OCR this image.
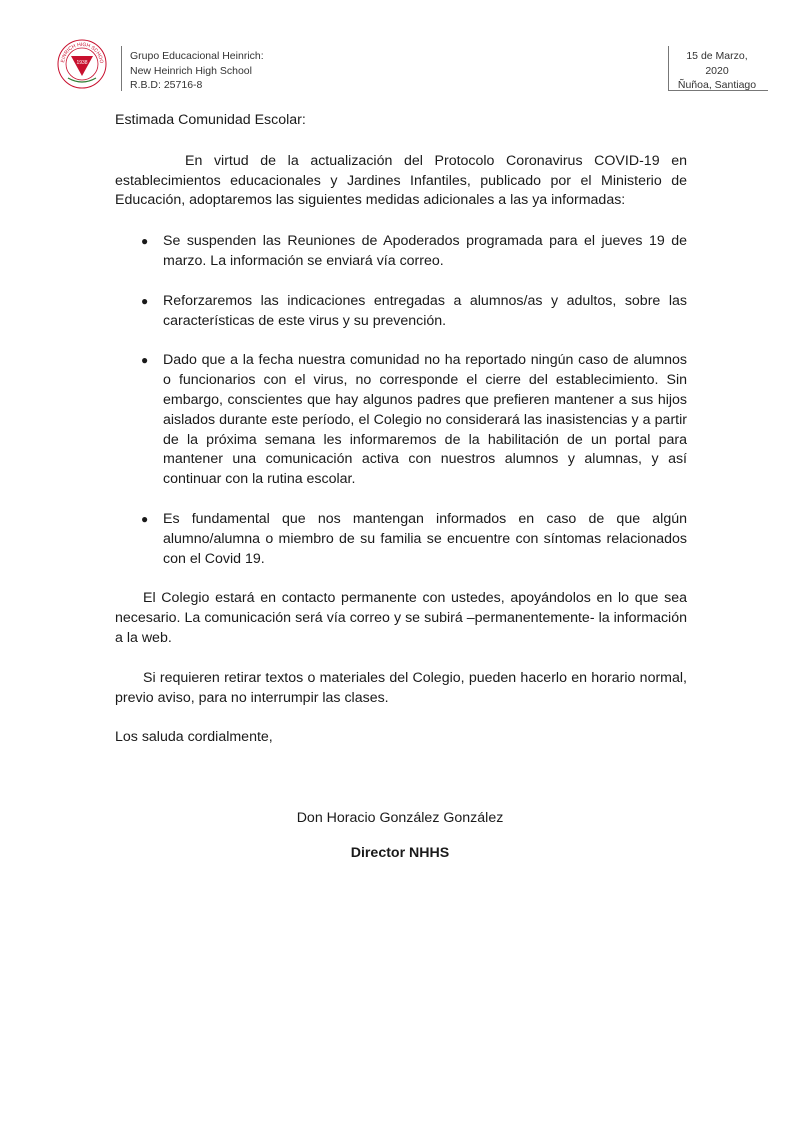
EINRICH HIGH SCHOO
1938
Grupo Educacional Heinrich:
New Heinrich High School
R.B.D: 25716-8
15 de Marzo,
2020
Ñuñoa, Santiago

Estimada Comunidad Escolar:

En virtud de la actualización del Protocolo Coronavirus COVID-19 en establecimientos educacionales y Jardines Infantiles, publicado por el Ministerio de Educación, adoptaremos las siguientes medidas adicionales a las ya informadas:

● Se suspenden las Reuniones de Apoderados programada para el jueves 19 de marzo. La información se enviará vía correo.
● Reforzaremos las indicaciones entregadas a alumnos/as y adultos, sobre las características de este virus y su prevención.
● Dado que a la fecha nuestra comunidad no ha reportado ningún caso de alumnos o funcionarios con el virus, no corresponde el cierre del establecimiento. Sin embargo, conscientes que hay algunos padres que prefieren mantener a sus hijos aislados durante este período, el Colegio no considerará las inasistencias y a partir de la próxima semana les informaremos de la habilitación de un portal para mantener una comunicación activa con nuestros alumnos y alumnas, y así continuar con la rutina escolar.
● Es fundamental que nos mantengan informados en caso de que algún alumno/alumna o miembro de su familia se encuentre con síntomas relacionados con el Covid 19.

El Colegio estará en contacto permanente con ustedes, apoyándolos en lo que sea necesario. La comunicación será vía correo y se subirá –permanentemente- la información a la web.

Si requieren retirar textos o materiales del Colegio, pueden hacerlo en horario normal, previo aviso, para no interrumpir las clases.

Los saluda cordialmente,

Don Horacio González González
Director NHHS
